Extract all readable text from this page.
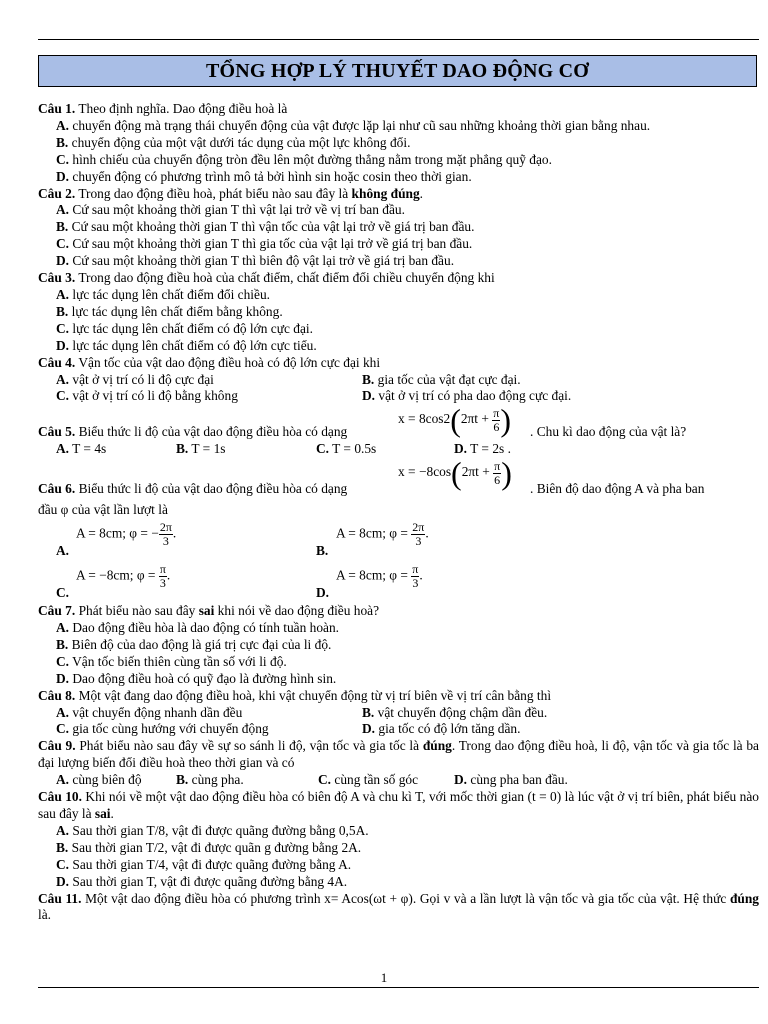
TỔNG HỢP LÝ THUYẾT DAO ĐỘNG CƠ

Câu 1. Theo định nghĩa. Dao động điều hoà là

A. chuyển động mà trạng thái chuyển động của vật được lặp lại như cũ sau những khoảng thời gian bằng nhau.

B. chuyển động của một vật dưới tác dụng của một lực không đổi.

C. hình chiếu của chuyển động tròn đều lên một đường thẳng nằm trong mặt phẳng quỹ đạo.

D. chuyển động có phương trình mô tả bởi hình sin hoặc cosin theo thời gian.

Câu 2. Trong dao động điều hoà, phát biểu nào sau đây là không đúng.

A. Cứ sau một khoảng thời gian T thì vật lại trở về vị trí ban đầu.

B. Cứ sau một khoảng thời gian T thì vận tốc của vật lại trở về giá trị ban đầu.

C. Cứ sau một khoảng thời gian T thì gia tốc của vật lại trở về giá trị ban đầu.

D. Cứ sau một khoảng thời gian T thì biên độ vật lại trở về giá trị ban đầu.

Câu 3. Trong dao động điều hoà của chất điểm, chất điểm đổi chiều chuyển động khi

A. lực tác dụng lên chất điểm đổi chiều.

B. lực tác dụng lên chất điểm bằng không.

C. lực tác dụng lên chất điểm có độ lớn cực đại.

D. lực tác dụng lên chất điểm có độ lớn cực tiểu.

Câu 4. Vận tốc của vật dao động điều hoà có độ lớn cực đại khi

A. vật ở vị trí có li độ cực đại	B. gia tốc của vật đạt cực đại.
C. vật ở vị trí có li độ bằng không	D. vật ở vị trí có pha dao động cực đại.
$x = 8\cos 2(2\pi t + \frac{\pi}{6}$ )
Câu 5. Biểu thức li độ của vật dao động điều hòa có dạng	. Chu kì dao động của vật là?
A. T = 4s	B. T = 1s	C. T = 0.5s	D. T = 2s .
$x = -8\cos(2\pi t + \frac{\pi}{6}$ )
Câu 6. Biểu thức li độ của vật dao động điều hòa có dạng	. Biên độ dao động A và pha ban

đầu φ của vật lần lượt là

A.
A = 8cm; φ = − $\frac{2\pi}{3}$ .
B.
A = 8cm; $\varphi = \frac{2\pi}{3}$ .
C.
A = −8cm; $\varphi = \frac{\pi}{3}$ .
D.
A = 8cm; $\varphi = \frac{\pi}{3}$ .

Câu 7. Phát biểu nào sau đây sai khi nói về dao động điều hoà?

A. Dao động điều hòa là dao động có tính tuần hoàn.

B. Biên độ của dao động là giá trị cực đại của li độ.

C. Vận tốc biến thiên cùng tần số với li độ.

D. Dao động điều hoà có quỹ đạo là đường hình sin.

Câu 8. Một vật đang dao động điều hoà, khi vật chuyển động từ vị trí biên về vị trí cân bằng thì

A. vật chuyển động nhanh dần đều	B. vật chuyển động chậm dần đều.
C. gia tốc cùng hướng với chuyển động	D. gia tốc có độ lớn tăng dần.

Câu 9. Phát biểu nào sau đây về sự so sánh li độ, vận tốc và gia tốc là đúng. Trong dao động điều hoà, li độ, vận tốc và gia tốc là ba đại lượng biến đổi điều hoà theo thời gian và có

A. cùng biên độ	B. cùng pha.	C. cùng tần số góc	D. cùng pha ban đầu.

Câu 10. Khi nói về một vật dao động điều hòa có biên độ A và chu kì T, với mốc thời gian (t = 0) là lúc vật ở vị trí biên, phát biểu nào sau đây là sai.

A. Sau thời gian T/8, vật đi được quãng đường bằng 0,5A.

B. Sau thời gian T/2, vật đi được quãn g đường bằng 2A.

C. Sau thời gian T/4, vật đi được quãng đường bằng A.

D. Sau thời gian T, vật đi được quãng đường bằng 4A.

Câu 11. Một vật dao động điều hòa có phương trình x= Acos(ωt + φ). Gọi v và a lần lượt là vận tốc và gia tốc của vật. Hệ thức đúng là.

1
